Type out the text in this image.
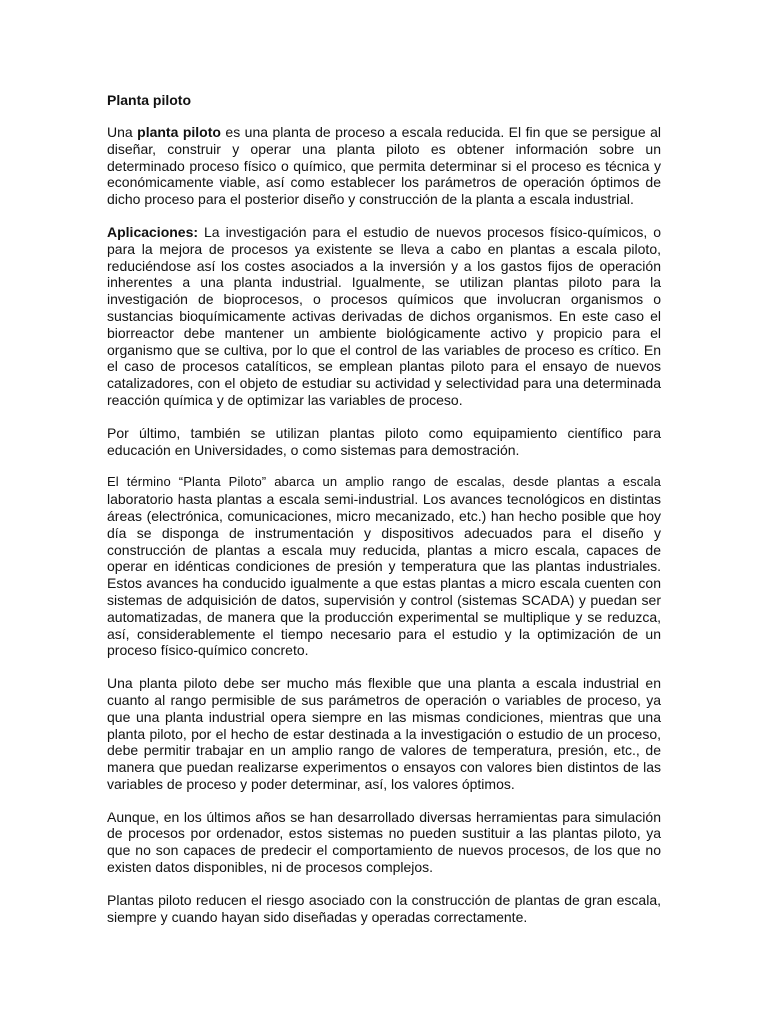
Planta piloto

Una planta piloto es una planta de proceso a escala reducida. El fin que se persigue al diseñar, construir y operar una planta piloto es obtener información sobre un determinado proceso físico o químico, que permita determinar si el proceso es técnica y económicamente viable, así como establecer los parámetros de operación óptimos de dicho proceso para el posterior diseño y construcción de la planta a escala industrial.

Aplicaciones: La investigación para el estudio de nuevos procesos físico-químicos, o para la mejora de procesos ya existente se lleva a cabo en plantas a escala piloto, reduciéndose así los costes asociados a la inversión y a los gastos fijos de operación inherentes a una planta industrial. Igualmente, se utilizan plantas piloto para la investigación de bioprocesos, o procesos químicos que involucran organismos o sustancias bioquímicamente activas derivadas de dichos organismos. En este caso el biorreactor debe mantener un ambiente biológicamente activo y propicio para el organismo que se cultiva, por lo que el control de las variables de proceso es crítico. En el caso de procesos catalíticos, se emplean plantas piloto para el ensayo de nuevos catalizadores, con el objeto de estudiar su actividad y selectividad para una determinada reacción química y de optimizar las variables de proceso.

Por último, también se utilizan plantas piloto como equipamiento científico para educación en Universidades, o como sistemas para demostración.

El término “Planta Piloto” abarca un amplio rango de escalas, desde plantas a escala
laboratorio hasta plantas a escala semi-industrial. Los avances tecnológicos en distintas áreas (electrónica, comunicaciones, micro mecanizado, etc.) han hecho posible que hoy día se disponga de instrumentación y dispositivos adecuados para el diseño y construcción de plantas a escala muy reducida, plantas a micro escala, capaces de operar en idénticas condiciones de presión y temperatura que las plantas industriales. Estos avances ha conducido igualmente a que estas plantas a micro escala cuenten con sistemas de adquisición de datos, supervisión y control (sistemas SCADA) y puedan ser automatizadas, de manera que la producción experimental se multiplique y se reduzca, así, considerablemente el tiempo necesario para el estudio y la optimización de un proceso físico-químico concreto.

Una planta piloto debe ser mucho más flexible que una planta a escala industrial en cuanto al rango permisible de sus parámetros de operación o variables de proceso, ya que una planta industrial opera siempre en las mismas condiciones, mientras que una planta piloto, por el hecho de estar destinada a la investigación o estudio de un proceso, debe permitir trabajar en un amplio rango de valores de temperatura, presión, etc., de manera que puedan realizarse experimentos o ensayos con valores bien distintos de las variables de proceso y poder determinar, así, los valores óptimos.

Aunque, en los últimos años se han desarrollado diversas herramientas para simulación de procesos por ordenador, estos sistemas no pueden sustituir a las plantas piloto, ya que no son capaces de predecir el comportamiento de nuevos procesos, de los que no existen datos disponibles, ni de procesos complejos.

Plantas piloto reducen el riesgo asociado con la construcción de plantas de gran escala, siempre y cuando hayan sido diseñadas y operadas correctamente.
